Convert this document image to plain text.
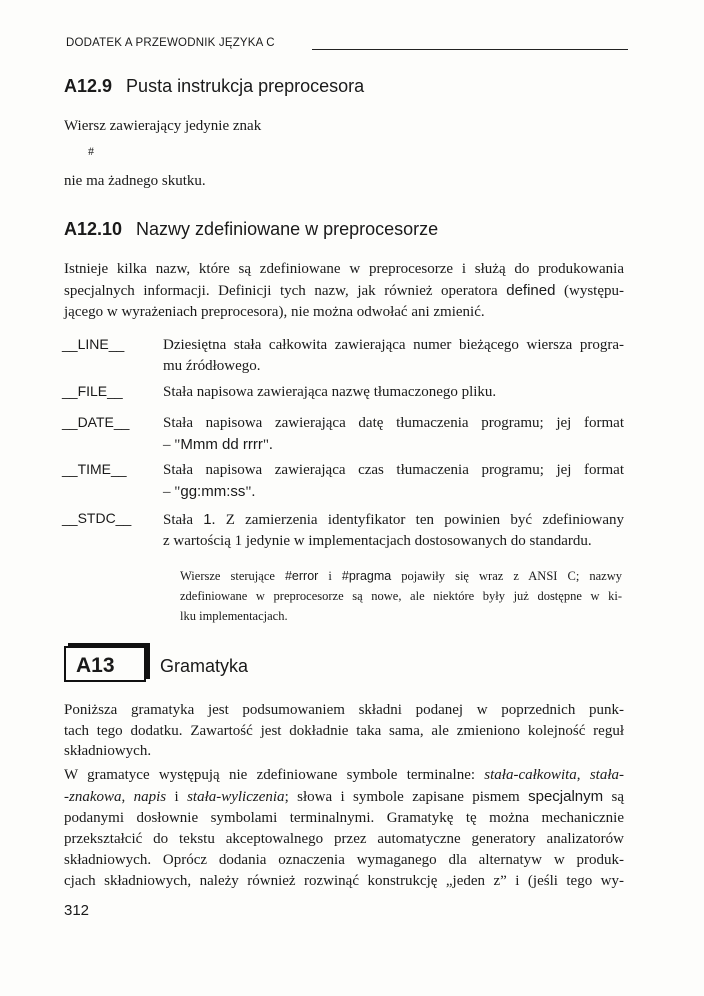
DODATEK A PRZEWODNIK JĘZYKA C
A12.9 Pusta instrukcja preprocesora
Wiersz zawierający jedynie znak
#
nie ma żadnego skutku.
A12.10 Nazwy zdefiniowane w preprocesorze
Istnieje kilka nazw, które są zdefiniowane w preprocesorze i służą do produkowania
specjalnych informacji. Definicji tych nazw, jak również operatora defined (występu-
jącego w wyrażeniach preprocesora), nie można odwołać ani zmienić.
__LINE__	Dziesiętna stała całkowita zawierająca numer bieżącego wiersza progra-
mu źródłowego.
__FILE__	Stała napisowa zawierająca nazwę tłumaczonego pliku.
__DATE__ Stała napisowa zawierająca datę tłumaczenia programu; jej format
– "Mmm dd rrrr".
__TIME__ Stała napisowa zawierająca czas tłumaczenia programu; jej format
– "gg:mm:ss".
__STDC__ Stała 1. Z zamierzenia identyfikator ten powinien być zdefiniowany
z wartością 1 jedynie w implementacjach dostosowanych do standardu.
Wiersze sterujące #error i #pragma pojawiły się wraz z ANSI C; nazwy
zdefiniowane w preprocesorze są nowe, ale niektóre były już dostępne w ki-
lku implementacjach.
A13	Gramatyka
Poniższa gramatyka jest podsumowaniem składni podanej w poprzednich punk-
tach tego dodatku. Zawartość jest dokładnie taka sama, ale zmieniono kolejność reguł
składniowych.
W gramatyce występują nie zdefiniowane symbole terminalne: stała-całkowita, stała-
-znakowa, napis i stała-wyliczenia; słowa i symbole zapisane pismem specjalnym są
podanymi dosłownie symbolami terminalnymi. Gramatykę tę można mechanicznie
przekształcić do tekstu akceptowalnego przez automatyczne generatory analizatorów
składniowych. Oprócz dodania oznaczenia wymaganego dla alternatyw w produk-
cjach składniowych, należy również rozwinąć konstrukcję „jeden z” i (jeśli tego wy-
312
